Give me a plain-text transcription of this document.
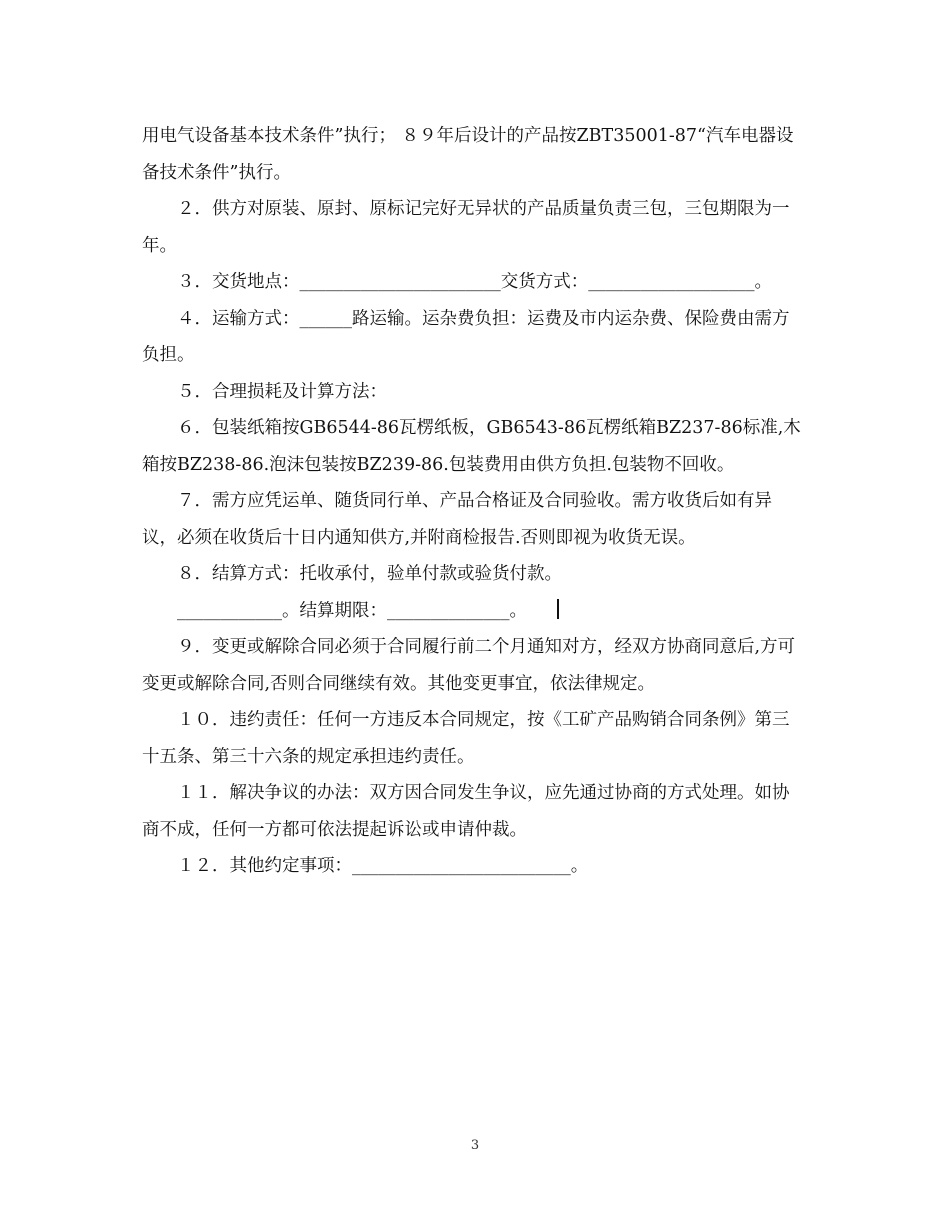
用电气设备基本技术条件”执行； ８９年后设计的产品按ZBT35001-87“汽车电器设备技术条件”执行。

２．供方对原装、原封、原标记完好无异状的产品质量负责三包，三包期限为一年。

３．交货地点：_______________________交货方式：___________________。

４．运输方式：______路运输。运杂费负担：运费及市内运杂费、保险费由需方负担。

５．合理损耗及计算方法：

６．包装纸箱按GB6544-86瓦楞纸板，GB6543-86瓦楞纸箱BZ237-86标准,木箱按BZ238-86.泡沫包装按BZ239-86.包装费用由供方负担.包装物不回收。

７．需方应凭运单、随货同行单、产品合格证及合同验收。需方收货后如有异议，必须在收货后十日内通知供方,并附商检报告.否则即视为收货无误。

８．结算方式：托收承付，验单付款或验货付款。

____________。结算期限：______________。

９．变更或解除合同必须于合同履行前二个月通知对方，经双方协商同意后,方可变更或解除合同,否则合同继续有效。其他变更事宜，依法律规定。

１０．违约责任：任何一方违反本合同规定，按《工矿产品购销合同条例》第三十五条、第三十六条的规定承担违约责任。

１１．解决争议的办法：双方因合同发生争议，应先通过协商的方式处理。如协商不成，任何一方都可依法提起诉讼或申请仲裁。

１２．其他约定事项：_________________________。

3
